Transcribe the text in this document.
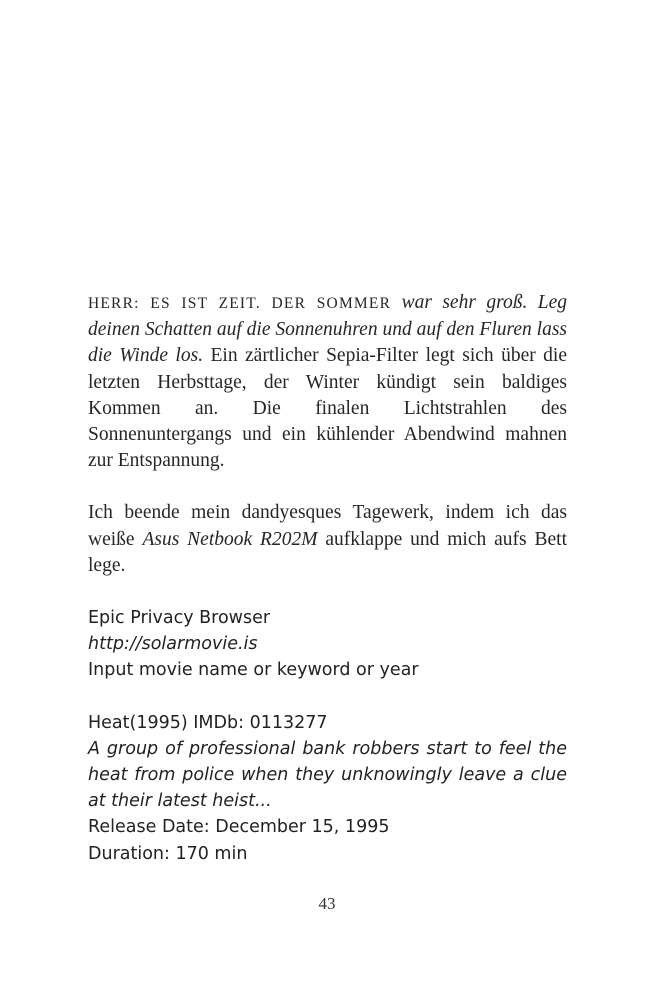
HERR: ES IST ZEIT. DER SOMMER war sehr groß. Leg deinen Schatten auf die Sonnenuhren und auf den Fluren lass die Winde los. Ein zärtlicher Sepia-Filter legt sich über die letzten Herbsttage, der Winter kündigt sein baldiges Kommen an. Die finalen Lichtstrahlen des Sonnenuntergangs und ein kühlender Abendwind mahnen zur Entspannung.

Ich beende mein dandyesques Tagewerk, indem ich das weiße Asus Netbook R202M aufklappe und mich aufs Bett lege.

Epic Privacy Browser

http://solarmovie.is

Input movie name or keyword or year

Heat(1995) IMDb: 0113277

A group of professional bank robbers start to feel the heat from police when they unknowingly leave a clue at their latest heist...

Release Date: December 15, 1995

Duration: 170 min

43
